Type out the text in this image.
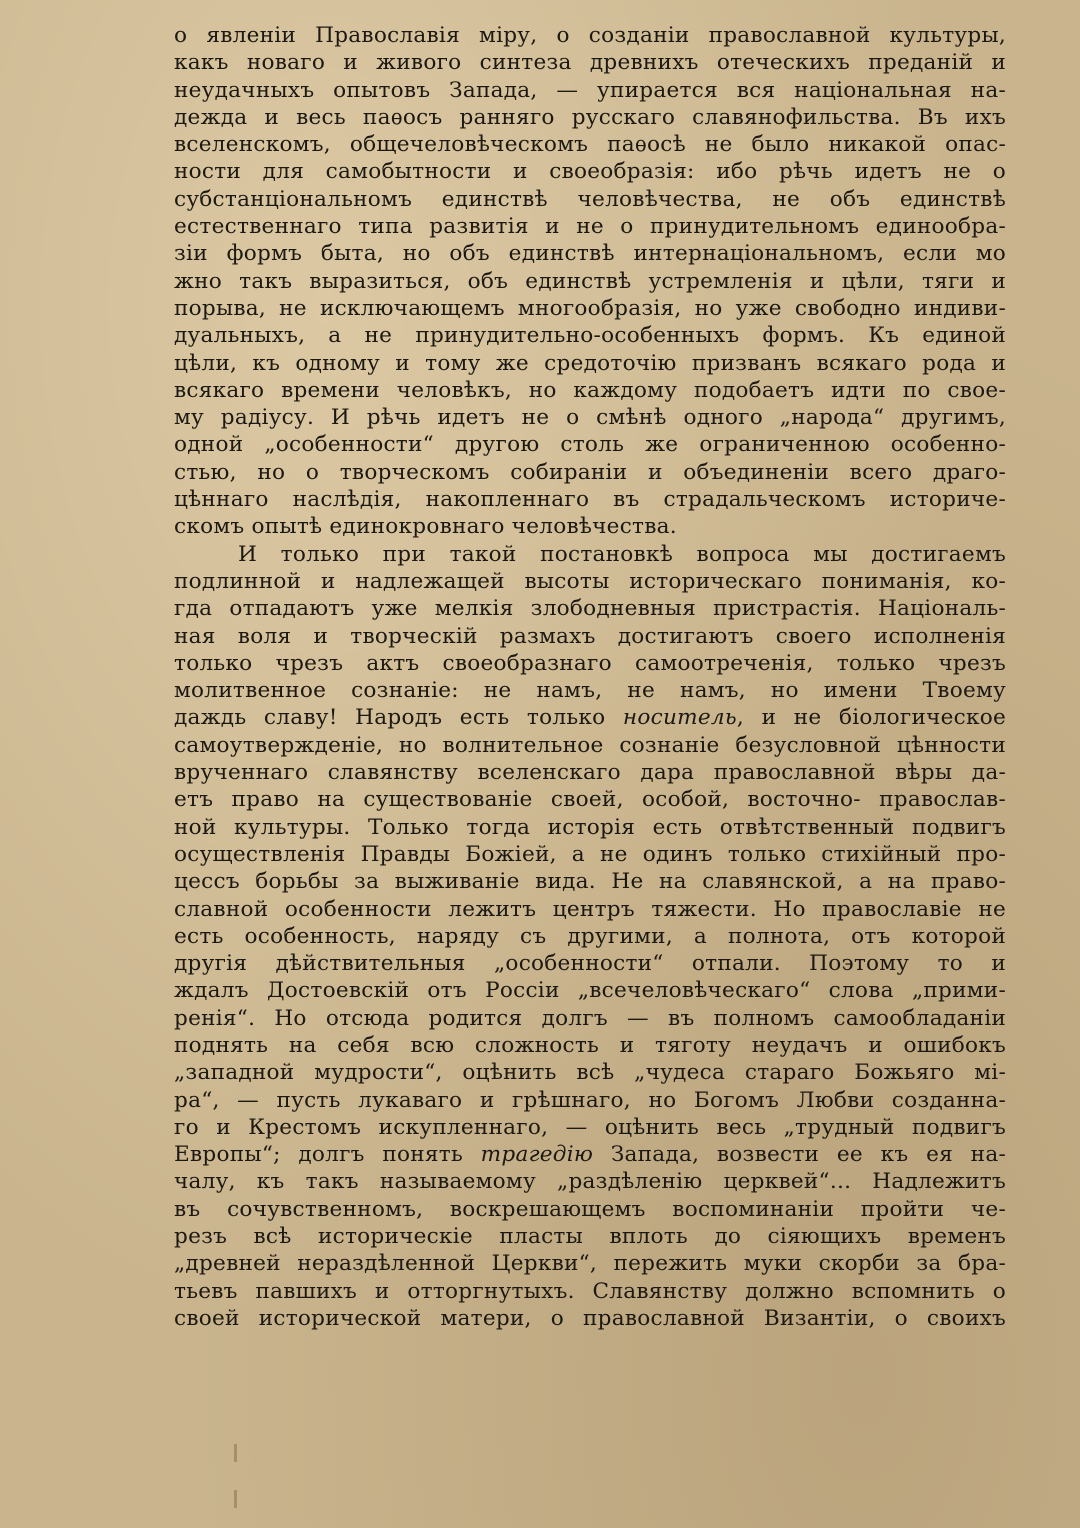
о явленiи Православiя мiру, о созданiи православной культуры,
какъ новаго и живого синтеза древнихъ отеческихъ преданiй и
неудачныхъ опытовъ Запада, — упирается вся нацiональная на-
дежда и весь паѳосъ ранняго русскаго славянофильства. Въ ихъ
вселенскомъ, общечеловѣческомъ паѳосѣ не было никакой опас-
ности для самобытности и своеобразiя: ибо рѣчь идетъ не о
субстанцiональномъ единствѣ человѣчества, не объ единствѣ
естественнаго типа развитiя и не о принудительномъ единообра-
зiи формъ быта, но объ единствѣ интернацiональномъ, если мо
жно такъ выразиться, объ единствѣ устремленiя и цѣли, тяги и
порыва, не исключающемъ многообразiя, но уже свободно индиви-
дуальныхъ, а не принудительно-особенныхъ формъ. Къ единой
цѣли, къ одному и тому же средоточiю призванъ всякаго рода и
всякаго времени человѣкъ, но каждому подобаетъ идти по свое-
му радiусу. И рѣчь идетъ не о смѣнѣ одного „народа“ другимъ,
одной „особенности“ другою столь же ограниченною особенно-
стью, но о творческомъ собиранiи и объединенiи всего драго-
цѣннаго наслѣдiя, накопленнаго въ страдальческомъ историче-
скомъ опытѣ единокровнаго человѣчества.
И только при такой постановкѣ вопроса мы достигаемъ
подлинной и надлежащей высоты историческаго пониманiя, ко-
гда отпадаютъ уже мелкiя злободневныя пристрастiя. Нацiональ-
ная воля и творческiй размахъ достигаютъ своего исполненiя
только чрезъ актъ своеобразнаго самоотреченiя, только чрезъ
молитвенное сознанiе: не намъ, не намъ, но имени Твоему
даждь славу! Народъ есть только носитель, и не бiологическое
самоутвержденiе, но волнительное сознанiе безусловной цѣнности
врученнаго славянству вселенскаго дара православной вѣры да-
етъ право на существованiе своей, особой, восточно- православ-
ной культуры. Только тогда исторiя есть отвѣтственный подвигъ
осуществленiя Правды Божiей, а не одинъ только стихiйный про-
цессъ борьбы за выживанiе вида. Не на славянской, а на право-
славной особенности лежитъ центръ тяжести. Но православiе не
есть особенность, наряду съ другими, а полнота, отъ которой
другiя дѣйствительныя „особенности“ отпали. Поэтому то и
ждалъ Достоевскiй отъ Россiи „всечеловѣческаго“ слова „прими-
ренiя“. Но отсюда родится долгъ — въ полномъ самообладанiи
поднять на себя всю сложность и тяготу неудачъ и ошибокъ
„западной мудрости“, оцѣнить всѣ „чудеса стараго Божьяго мi-
ра“, — пусть лукаваго и грѣшнаго, но Богомъ Любви созданна-
го и Крестомъ искупленнаго, — оцѣнить весь „трудный подвигъ
Европы“; долгъ понять трагедiю Запада, возвести ее къ ея на-
чалу, къ такъ называемому „раздѣленiю церквей“... Надлежитъ
въ сочувственномъ, воскрешающемъ воспоминанiи пройти че-
резъ всѣ историческiе пласты вплоть до сiяющихъ временъ
„древней нераздѣленной Церкви“, пережить муки скорби за бра-
тьевъ павшихъ и отторгнутыхъ. Славянству должно вспомнить о
своей исторической матери, о православной Византiи, о своихъ
